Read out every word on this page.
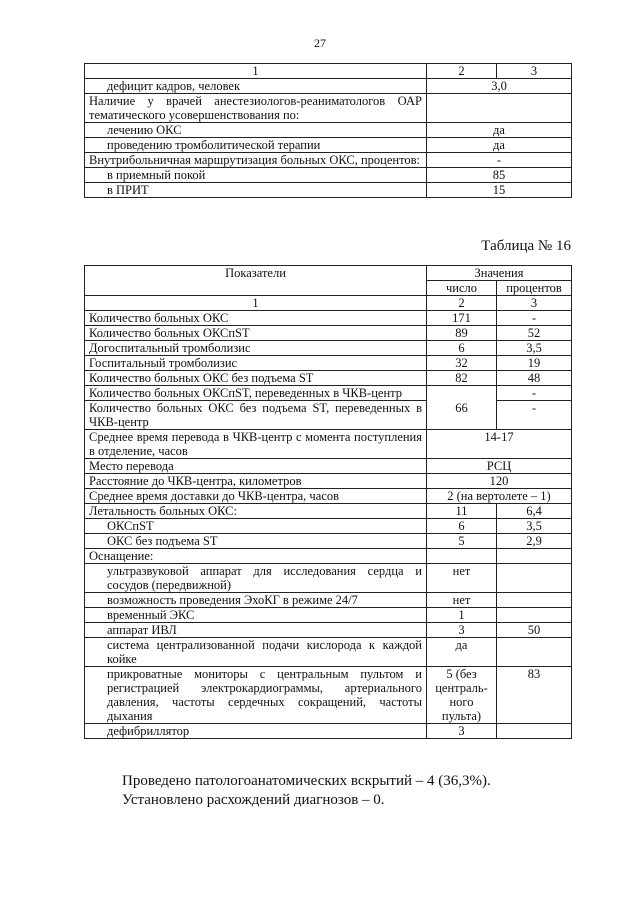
27
1	2	3
дефицит кадров, человек	3,0	
Наличие у врачей анестезиологов-реаниматологов ОАР тематического усовершенствования по:		
лечению ОКС	да	
проведению тромболитической терапии	да	
Внутрибольничная маршрутизация больных ОКС, процентов:	-	
в приемный покой	85	
в ПРИТ	15	
Таблица № 16
Показатели	Значения	
	число	процентов
1	2	3
Количество больных ОКС	171	-
Количество больных ОКСпST	89	52
Догоспитальный тромболизис	6	3,5
Госпитальный тромболизис	32	19
Количество больных ОКС без подъема ST	82	48
Количество больных ОКСпST, переведенных в ЧКВ-центр	66	-
Количество больных ОКС без подъема ST, переведенных в ЧКВ-центр		-
Среднее время перевода в ЧКВ-центр с момента поступления в отделение, часов	14-17	
Место перевода	РСЦ	
Расстояние до ЧКВ-центра, километров	120	
Среднее время доставки до ЧКВ-центра, часов	2 (на вертолете – 1)	
Летальность больных ОКС:	11	6,4
ОКСпST	6	3,5
ОКС без подъема ST	5	2,9
Оснащение:		
ультразвуковой аппарат для исследования сердца и сосудов (передвижной)	нет	
возможность проведения ЭхоКГ в режиме 24/7	нет	
временный ЭКС	1	
аппарат ИВЛ	3	50
система централизованной подачи кислорода к каждой койке	да	
прикроватные мониторы с центральным пультом и регистрацией электрокардиограммы, артериального давления, частоты сердечных сокращений, частоты дыхания	5 (без централь-ного пульта)	83
дефибриллятор	3	
Проведено патологоанатомических вскрытий – 4 (36,3%).
Установлено расхождений диагнозов – 0.
